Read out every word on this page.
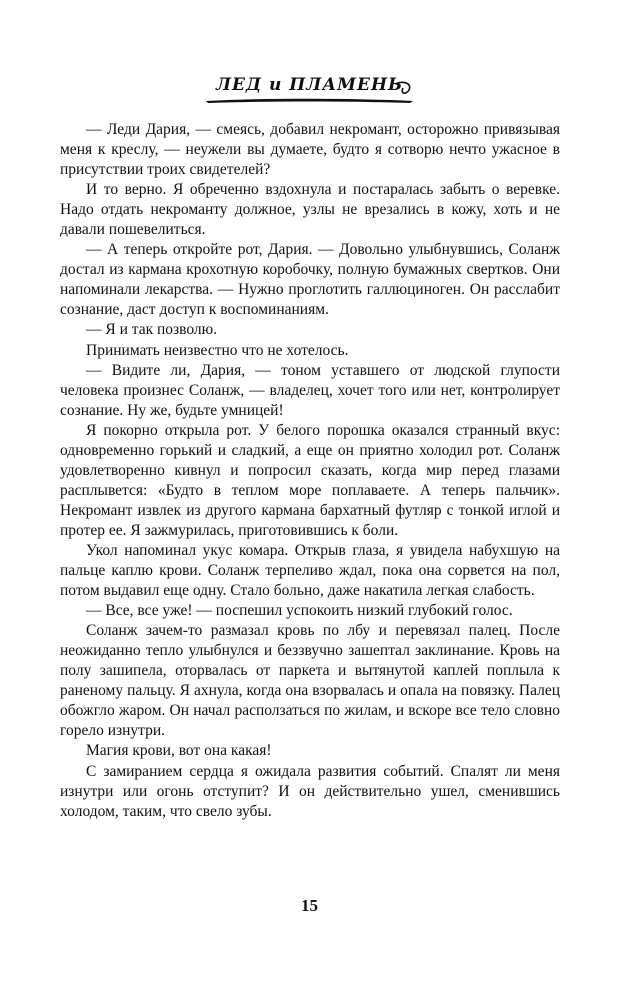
ЛЕД и ПЛАМЕНЬ

— Леди Дария, — смеясь, добавил некромант, осторожно привязывая меня к креслу, — неужели вы думаете, будто я сотворю нечто ужасное в присутствии троих свидетелей?

И то верно. Я обреченно вздохнула и постаралась забыть о веревке. Надо отдать некроманту должное, узлы не врезались в кожу, хоть и не давали пошевелиться.

— А теперь откройте рот, Дария. — Довольно улыбнувшись, Соланж достал из кармана крохотную коробочку, полную бумажных свертков. Они напоминали лекарства. — Нужно проглотить галлюциноген. Он расслабит сознание, даст доступ к воспоминаниям.

— Я и так позволю.

Принимать неизвестно что не хотелось.

— Видите ли, Дария, — тоном уставшего от людской глупости человека произнес Соланж, — владелец, хочет того или нет, контролирует сознание. Ну же, будьте умницей!

Я покорно открыла рот. У белого порошка оказался странный вкус: одновременно горький и сладкий, а еще он приятно холодил рот. Соланж удовлетворенно кивнул и попросил сказать, когда мир перед глазами расплывется: «Будто в теплом море поплаваете. А теперь пальчик». Некромант извлек из другого кармана бархатный футляр с тонкой иглой и протер ее. Я зажмурилась, приготовившись к боли.

Укол напоминал укус комара. Открыв глаза, я увидела набухшую на пальце каплю крови. Соланж терпеливо ждал, пока она сорвется на пол, потом выдавил еще одну. Стало больно, даже накатила легкая слабость.

— Все, все уже! — поспешил успокоить низкий глубокий голос.

Соланж зачем-то размазал кровь по лбу и перевязал палец. После неожиданно тепло улыбнулся и беззвучно зашептал заклинание. Кровь на полу зашипела, оторвалась от паркета и вытянутой каплей поплыла к раненому пальцу. Я ахнула, когда она взорвалась и опала на повязку. Палец обожгло жаром. Он начал расползаться по жилам, и вскоре все тело словно горело изнутри.

Магия крови, вот она какая!

С замиранием сердца я ожидала развития событий. Спалят ли меня изнутри или огонь отступит? И он действительно ушел, сменившись холодом, таким, что свело зубы.

15
